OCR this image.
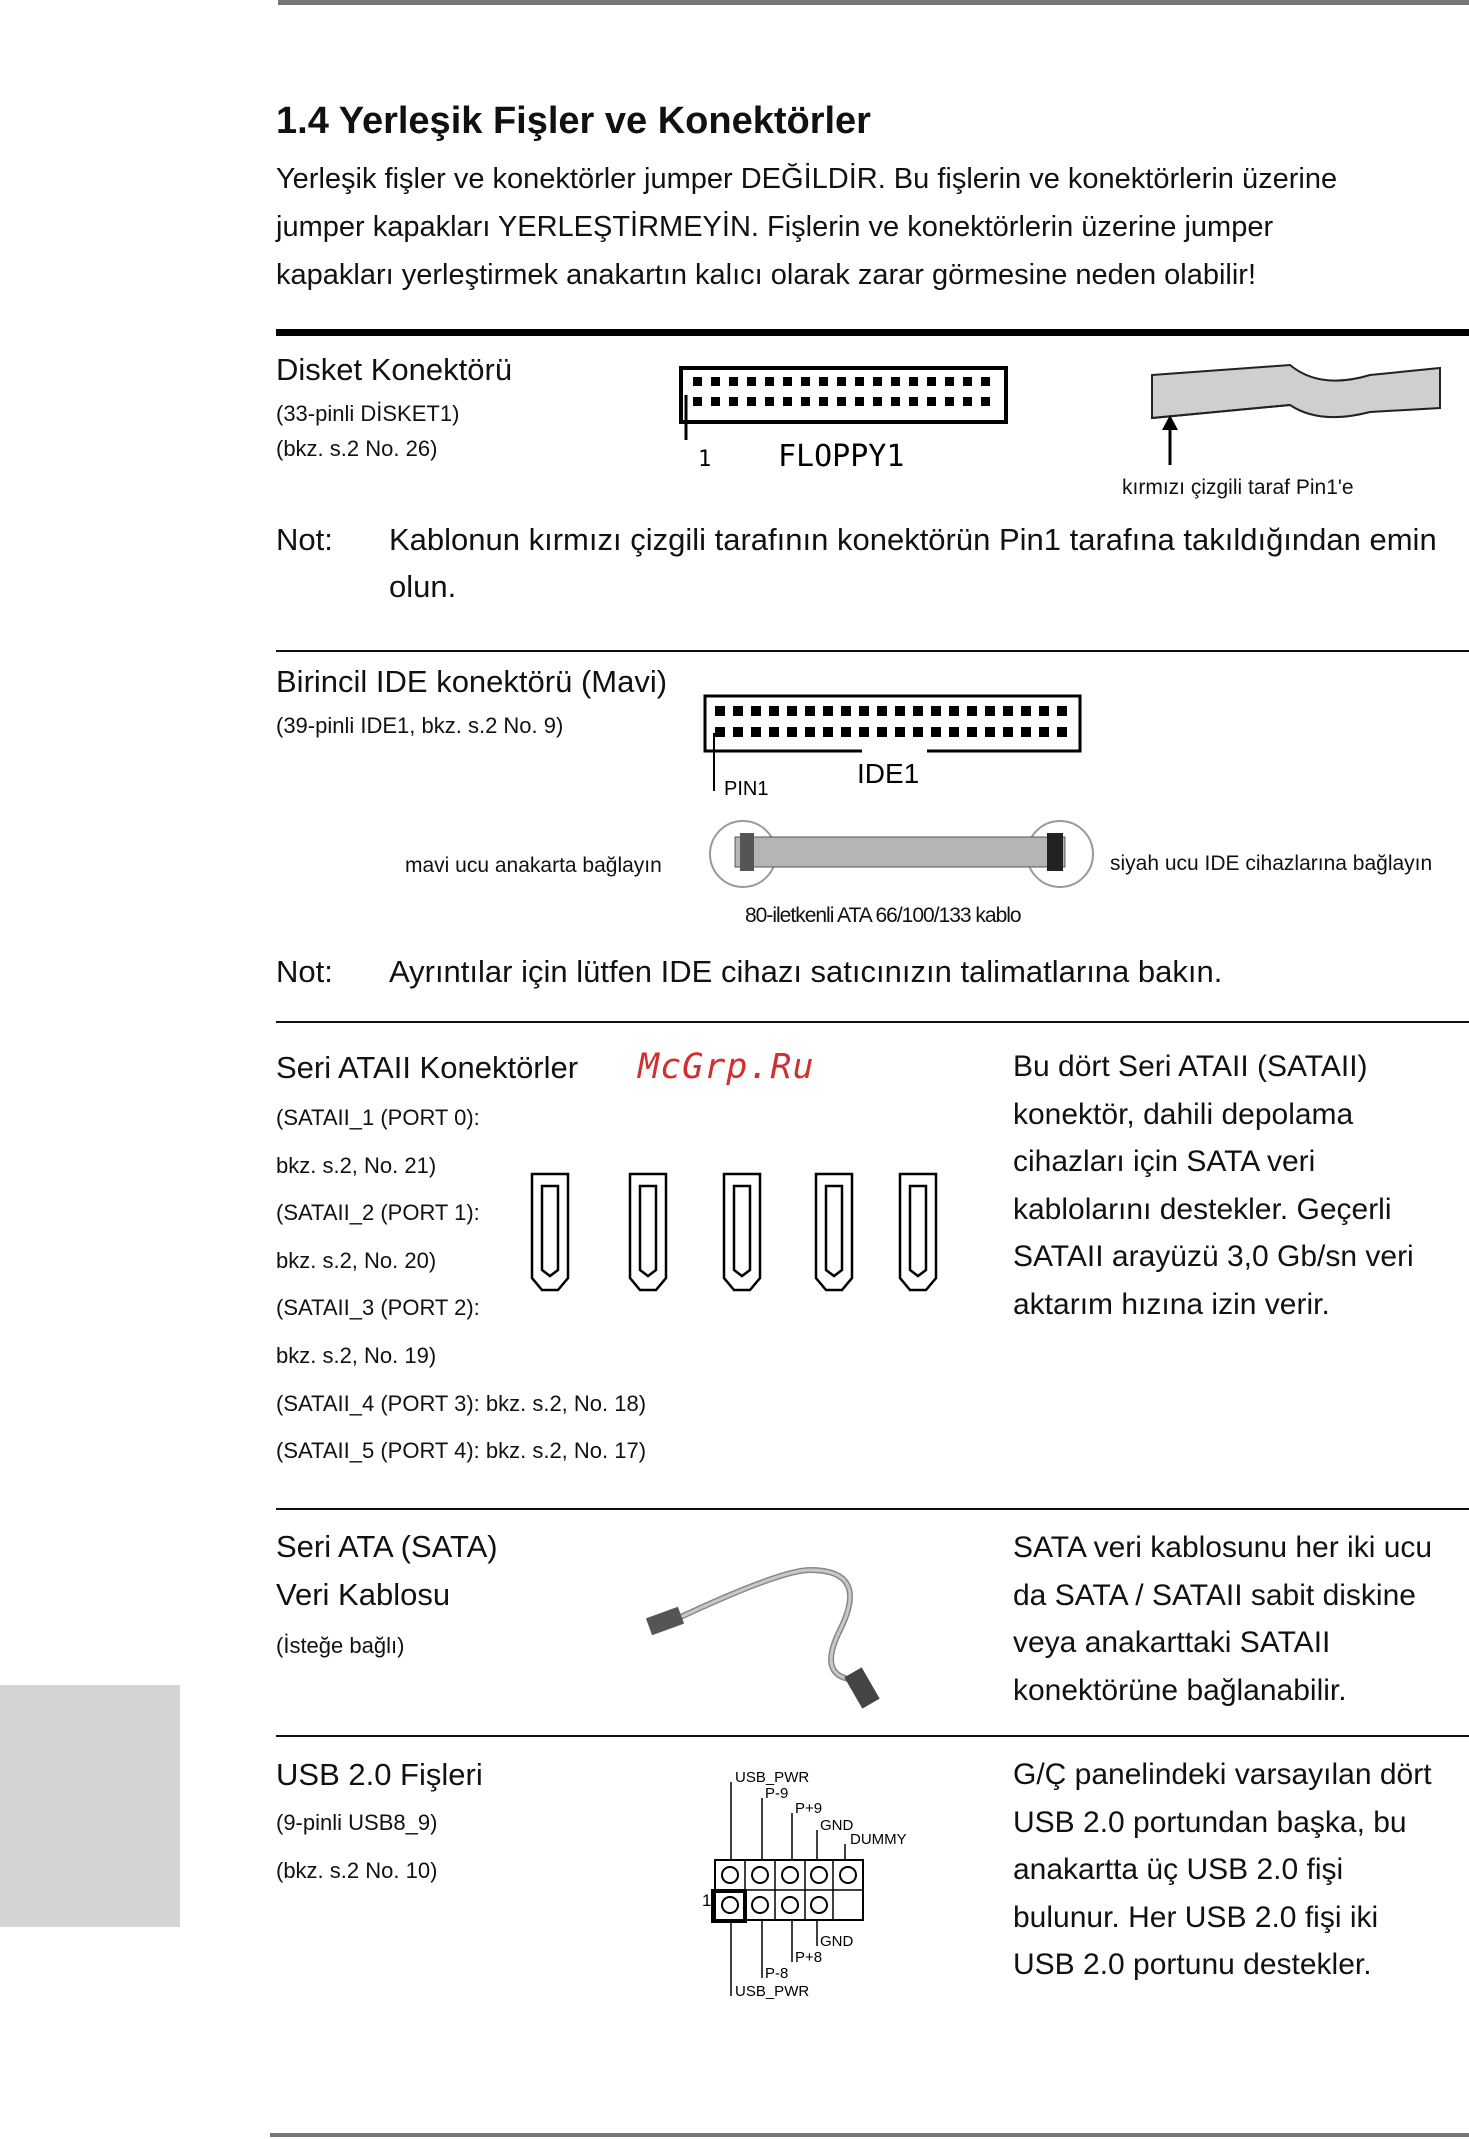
1.4 Yerleşik Fişler ve Konektörler
Yerleşik fişler ve konektörler jumper DEĞİLDİR. Bu fişlerin ve konektörlerin üzerine
jumper kapakları YERLEŞTİRMEYİN. Fişlerin ve konektörlerin üzerine jumper
kapakları yerleştirmek anakartın kalıcı olarak zarar görmesine neden olabilir!
Disket Konektörü
(33-pinli DİSKET1)
(bkz. s.2 No. 26)	1 FLOPPY1
kırmızı çizgili taraf Pin1'e
Not: Kablonun kırmızı çizgili tarafının konektörün Pin1 tarafına takıldığından emin
olun.
Birincil IDE konektörü (Mavi)
(39-pinli IDE1, bkz. s.2 No. 9)
PIN1	IDE1
mavi ucu anakarta bağlayın	siyah ucu IDE cihazlarına bağlayın
80-iletkenli ATA 66/100/133 kablo
Not: Ayrıntılar için lütfen IDE cihazı satıcınızın talimatlarına bakın.
Seri ATAII Konektörler McGrp.Ru
(SATAII_1 (PORT 0):
bkz. s.2, No. 21)
(SATAII_2 (PORT 1):
bkz. s.2, No. 20)
(SATAII_3 (PORT 2):
bkz. s.2, No. 19)
(SATAII_4 (PORT 3): bkz. s.2, No. 18)
(SATAII_5 (PORT 4): bkz. s.2, No. 17)
Bu dört Seri ATAII (SATAII)
konektör, dahili depolama
cihazları için SATA veri
kablolarını destekler. Geçerli
SATAII arayüzü 3,0 Gb/sn veri
aktarım hızına izin verir.
Seri ATA (SATA)
Veri Kablosu
(İsteğe bağlı)
SATA veri kablosunu her iki ucu
da SATA / SATAII sabit diskine
veya anakarttaki SATAII
konektörüne bağlanabilir.
USB 2.0 Fişleri
(9-pinli USB8_9)
(bkz. s.2 No. 10)
USB_PWR
P-9
P+9
GND
DUMMY
1
GND
P+8
P-8
USB_PWR
G/Ç panelindeki varsayılan dört
USB 2.0 portundan başka, bu
anakartta üç USB 2.0 fişi
bulunur. Her USB 2.0 fişi iki
USB 2.0 portunu destekler.
